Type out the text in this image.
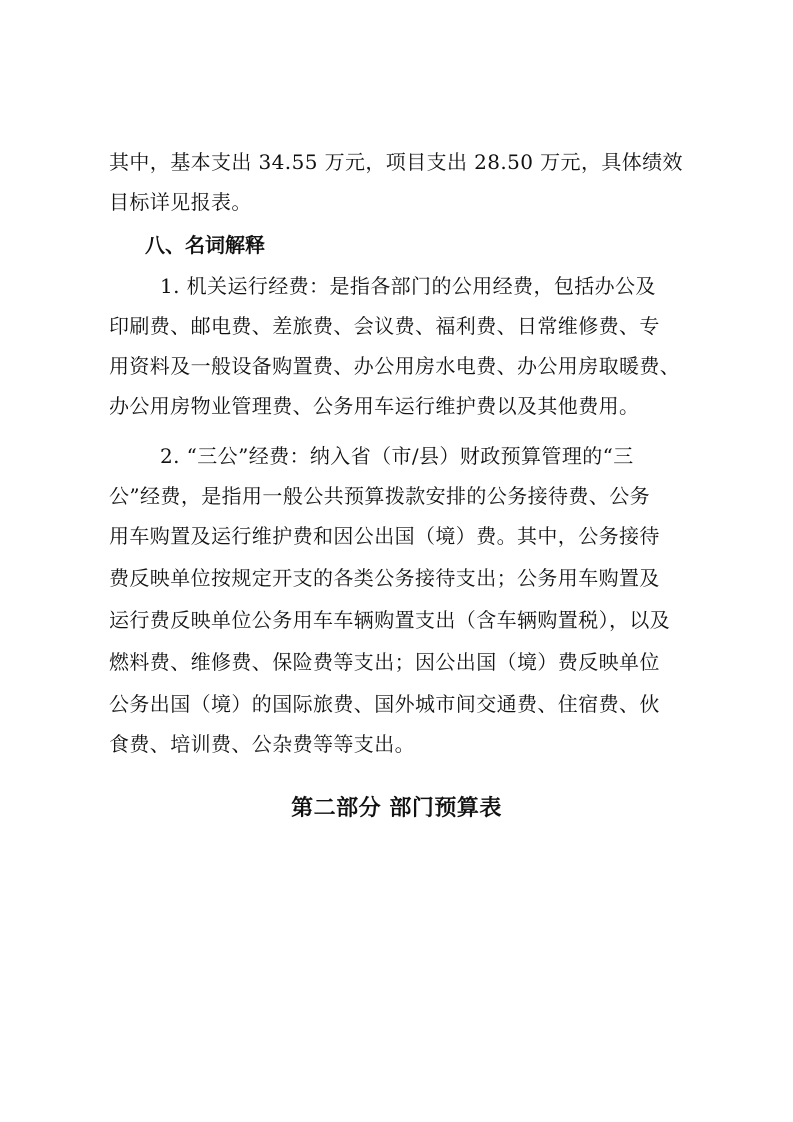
其中，基本支出 34.55 万元，项目支出 28.50 万元，具体绩效
目标详见报表。
八、名词解释
1. 机关运行经费：是指各部门的公用经费，包括办公及
印刷费、邮电费、差旅费、会议费、福利费、日常维修费、专
用资料及一般设备购置费、办公用房水电费、办公用房取暖费、
办公用房物业管理费、公务用车运行维护费以及其他费用。
2. “三公”经费：纳入省（市/县）财政预算管理的“三
公”经费，是指用一般公共预算拨款安排的公务接待费、公务
用车购置及运行维护费和因公出国（境）费。其中，公务接待
费反映单位按规定开支的各类公务接待支出；公务用车购置及
运行费反映单位公务用车车辆购置支出（含车辆购置税），以及
燃料费、维修费、保险费等支出；因公出国（境）费反映单位
公务出国（境）的国际旅费、国外城市间交通费、住宿费、伙
食费、培训费、公杂费等等支出。
第二部分 部门预算表
